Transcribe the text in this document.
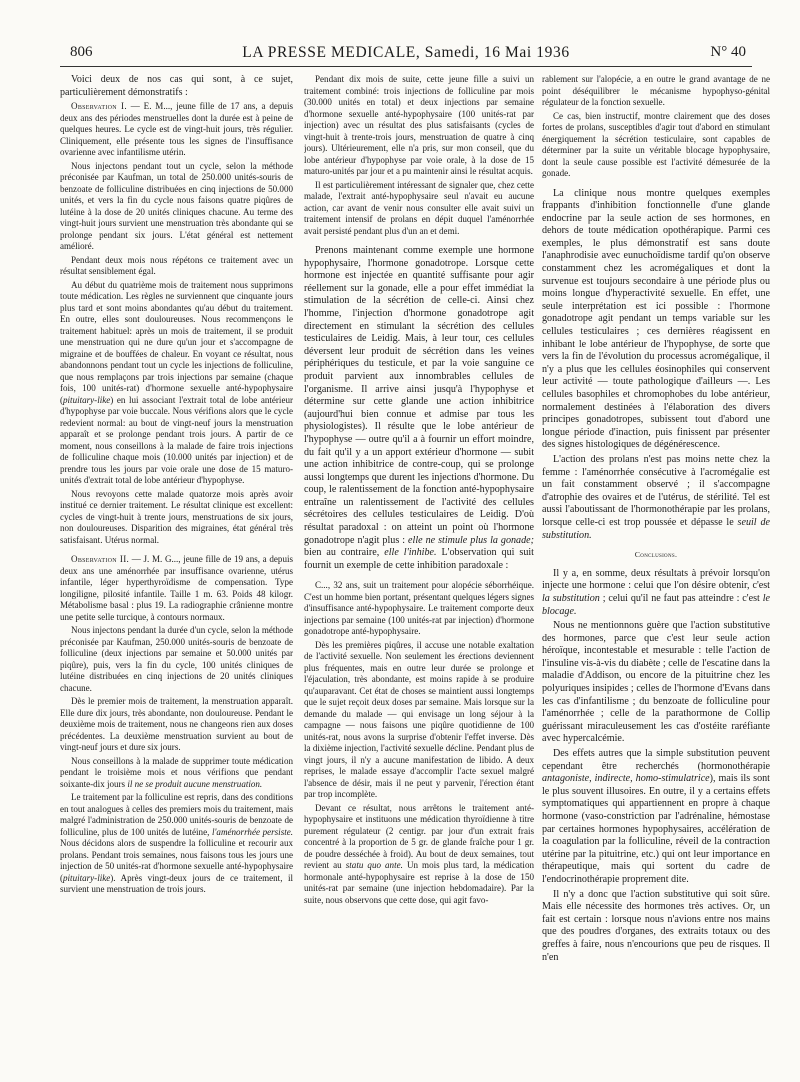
806	LA PRESSE MEDICALE, Samedi, 16 Mai 1936	N° 40

Voici deux de nos cas qui sont, à ce sujet, particulièrement démonstratifs :

Observation I. — E. M..., jeune fille de 17 ans, a depuis deux ans des périodes menstruelles dont la durée est à peine de quelques heures. Le cycle est de vingt-huit jours, très régulier. Cliniquement, elle présente tous les signes de l'insuffisance ovarienne avec infantilisme utérin.

Nous injectons pendant tout un cycle, selon la méthode préconisée par Kaufman, un total de 250.000 unités-souris de benzoate de folliculine distribuées en cinq injections de 50.000 unités, et vers la fin du cycle nous faisons quatre piqûres de lutéine à la dose de 20 unités cliniques chacune. Au terme des vingt-huit jours survient une menstruation très abondante qui se prolonge pendant six jours. L'état général est nettement amélioré.

Pendant deux mois nous répétons ce traitement avec un résultat sensiblement égal.

Au début du quatrième mois de traitement nous supprimons toute médication. Les règles ne surviennent que cinquante jours plus tard et sont moins abondantes qu'au début du traitement. En outre, elles sont douloureuses. Nous recommençons le traitement habituel: après un mois de traitement, il se produit une menstruation qui ne dure qu'un jour et s'accompagne de migraine et de bouffées de chaleur. En voyant ce résultat, nous abandonnons pendant tout un cycle les injections de folliculine, que nous remplaçons par trois injections par semaine (chaque fois, 100 unités-rat) d'hormone sexuelle anté-hypophysaire (pituitary-like) en lui associant l'extrait total de lobe antérieur d'hypophyse par voie buccale. Nous vérifions alors que le cycle redevient normal: au bout de vingt-neuf jours la menstruation apparaît et se prolonge pendant trois jours. A partir de ce moment, nous conseillons à la malade de faire trois injections de folliculine chaque mois (10.000 unités par injection) et de prendre tous les jours par voie orale une dose de 15 maturo-unités d'extrait total de lobe antérieur d'hypophyse.

Nous revoyons cette malade quatorze mois après avoir institué ce dernier traitement. Le résultat clinique est excellent: cycles de vingt-huit à trente jours, menstruations de six jours, non douloureuses. Disparition des migraines, état général très satisfaisant. Utérus normal.

Observation II. — J. M. G..., jeune fille de 19 ans, a depuis deux ans une aménorrhée par insuffisance ovarienne, utérus infantile, léger hyperthyroïdisme de compensation. Type longiligne, pilosité infantile. Taille 1 m. 63. Poids 48 kilogr. Métabolisme basal : plus 19. La radiographie crânienne montre une petite selle turcique, à contours normaux.

Nous injectons pendant la durée d'un cycle, selon la méthode préconisée par Kaufman, 250.000 unités-souris de benzoate de folliculine (deux injections par semaine et 50.000 unités par piqûre), puis, vers la fin du cycle, 100 unités cliniques de lutéine distribuées en cinq injections de 20 unités cliniques chacune.

Dès le premier mois de traitement, la menstruation apparaît. Elle dure dix jours, très abondante, non douloureuse. Pendant le deuxième mois de traitement, nous ne changeons rien aux doses précédentes. La deuxième menstruation survient au bout de vingt-neuf jours et dure six jours.

Nous conseillons à la malade de supprimer toute médication pendant le troisième mois et nous vérifions que pendant soixante-dix jours il ne se produit aucune menstruation.

Le traitement par la folliculine est repris, dans des conditions en tout analogues à celles des premiers mois du traitement, mais malgré l'administration de 250.000 unités-souris de benzoate de folliculine, plus de 100 unités de lutéine, l'aménorrhée persiste. Nous décidons alors de suspendre la folliculine et recourir aux prolans. Pendant trois semaines, nous faisons tous les jours une injection de 50 unités-rat d'hormone sexuelle anté-hypophysaire (pituitary-like). Après vingt-deux jours de ce traitement, il survient une menstruation de trois jours.

Pendant dix mois de suite, cette jeune fille a suivi un traitement combiné: trois injections de folliculine par mois (30.000 unités en total) et deux injections par semaine d'hormone sexuelle anté-hypophysaire (100 unités-rat par injection) avec un résultat des plus satisfaisants (cycles de vingt-huit à trente-trois jours, menstruation de quatre à cinq jours). Ultérieurement, elle n'a pris, sur mon conseil, que du lobe antérieur d'hypophyse par voie orale, à la dose de 15 maturo-unités par jour et a pu maintenir ainsi le résultat acquis.

Il est particulièrement intéressant de signaler que, chez cette malade, l'extrait anté-hypophysaire seul n'avait eu aucune action, car avant de venir nous consulter elle avait suivi un traitement intensif de prolans en dépit duquel l'aménorrhée avait persisté pendant plus d'un an et demi.

Prenons maintenant comme exemple une hormone hypophysaire, l'hormone gonadotrope. Lorsque cette hormone est injectée en quantité suffisante pour agir réellement sur la gonade, elle a pour effet immédiat la stimulation de la sécrétion de celle-ci. Ainsi chez l'homme, l'injection d'hormone gonadotrope agit directement en stimulant la sécrétion des cellules testiculaires de Leidig. Mais, à leur tour, ces cellules déversent leur produit de sécrétion dans les veines périphériques du testicule, et par la voie sanguine ce produit parvient aux innombrables cellules de l'organisme. Il arrive ainsi jusqu'à l'hypophyse et détermine sur cette glande une action inhibitrice (aujourd'hui bien connue et admise par tous les physiologistes). Il résulte que le lobe antérieur de l'hypophyse — outre qu'il a à fournir un effort moindre, du fait qu'il y a un apport extérieur d'hormone — subit une action inhibitrice de contre-coup, qui se prolonge aussi longtemps que durent les injections d'hormone. Du coup, le ralentissement de la fonction anté-hypophysaire entraîne un ralentissement de l'activité des cellules sécrétoires des cellules testiculaires de Leidig. D'où résultat paradoxal : on atteint un point où l'hormone gonadotrope n'agit plus : elle ne stimule plus la gonade; bien au contraire, elle l'inhibe. L'observation qui suit fournit un exemple de cette inhibition paradoxale :

C..., 32 ans, suit un traitement pour alopécie séborrhéique. C'est un homme bien portant, présentant quelques légers signes d'insuffisance anté-hypophysaire. Le traitement comporte deux injections par semaine (100 unités-rat par injection) d'hormone gonadotrope anté-hypophysaire.

Dès les premières piqûres, il accuse une notable exaltation de l'activité sexuelle. Non seulement les érections deviennent plus fréquentes, mais en outre leur durée se prolonge et l'éjaculation, très abondante, est moins rapide à se produire qu'auparavant. Cet état de choses se maintient aussi longtemps que le sujet reçoit deux doses par semaine. Mais lorsque sur la demande du malade — qui envisage un long séjour à la campagne — nous faisons une piqûre quotidienne de 100 unités-rat, nous avons la surprise d'obtenir l'effet inverse. Dès la dixième injection, l'activité sexuelle décline. Pendant plus de vingt jours, il n'y a aucune manifestation de libido. A deux reprises, le malade essaye d'accomplir l'acte sexuel malgré l'absence de désir, mais il ne peut y parvenir, l'érection étant par trop incomplète.

Devant ce résultat, nous arrêtons le traitement anté-hypophysaire et instituons une médication thyroïdienne à titre purement régulateur (2 centigr. par jour d'un extrait frais concentré à la proportion de 5 gr. de glande fraîche pour 1 gr. de poudre desséchée à froid). Au bout de deux semaines, tout revient au statu quo ante. Un mois plus tard, la médication hormonale anté-hypophysaire est reprise à la dose de 150 unités-rat par semaine (une injection hebdomadaire). Par la suite, nous observons que cette dose, qui agit favo-

rablement sur l'alopécie, a en outre le grand avantage de ne point déséquilibrer le mécanisme hypophyso-génital régulateur de la fonction sexuelle.

Ce cas, bien instructif, montre clairement que des doses fortes de prolans, susceptibles d'agir tout d'abord en stimulant énergiquement la sécrétion testiculaire, sont capables de déterminer par la suite un véritable blocage hypophysaire, dont la seule cause possible est l'activité démesurée de la gonade.

La clinique nous montre quelques exemples frappants d'inhibition fonctionnelle d'une glande endocrine par la seule action de ses hormones, en dehors de toute médication opothérapique. Parmi ces exemples, le plus démonstratif est sans doute l'anaphrodisie avec eunuchoïdisme tardif qu'on observe constamment chez les acromégaliques et dont la survenue est toujours secondaire à une période plus ou moins longue d'hyperactivité sexuelle. En effet, une seule interprétation est ici possible : l'hormone gonadotrope agit pendant un temps variable sur les cellules testiculaires ; ces dernières réagissent en inhibant le lobe antérieur de l'hypophyse, de sorte que vers la fin de l'évolution du processus acromégalique, il n'y a plus que les cellules éosinophiles qui conservent leur activité — toute pathologique d'ailleurs —. Les cellules basophiles et chromophobes du lobe antérieur, normalement destinées à l'élaboration des divers principes gonadotropes, subissent tout d'abord une longue période d'inaction, puis finissent par présenter des signes histologiques de dégénérescence.

L'action des prolans n'est pas moins nette chez la femme : l'aménorrhée consécutive à l'acromégalie est un fait constamment observé ; il s'accompagne d'atrophie des ovaires et de l'utérus, de stérilité. Tel est aussi l'aboutissant de l'hormonothérapie par les prolans, lorsque celle-ci est trop poussée et dépasse le seuil de substitution.

Conclusions.

Il y a, en somme, deux résultats à prévoir lorsqu'on injecte une hormone : celui que l'on désire obtenir, c'est la substitution ; celui qu'il ne faut pas atteindre : c'est le blocage.

Nous ne mentionnons guère que l'action substitutive des hormones, parce que c'est leur seule action héroïque, incontestable et mesurable : telle l'action de l'insuline vis-à-vis du diabète ; celle de l'escatine dans la maladie d'Addison, ou encore de la pituitrine chez les polyuriques insipides ; celles de l'hormone d'Evans dans les cas d'infantilisme ; du benzoate de folliculine pour l'aménorrhée ; celle de la parathormone de Collip guérissant miraculeusement les cas d'ostéite raréfiante avec hypercalcémie.

Des effets autres que la simple substitution peuvent cependant être recherchés (hormonothérapie antagoniste, indirecte, homo-stimulatrice), mais ils sont le plus souvent illusoires. En outre, il y a certains effets symptomatiques qui appartiennent en propre à chaque hormone (vaso-constriction par l'adrénaline, hémostase par certaines hormones hypophysaires, accélération de la coagulation par la folliculine, réveil de la contraction utérine par la pituitrine, etc.) qui ont leur importance en thérapeutique, mais qui sortent du cadre de l'endocrinothérapie proprement dite.

Il n'y a donc que l'action substitutive qui soit sûre. Mais elle nécessite des hormones très actives. Or, un fait est certain : lorsque nous n'avions entre nos mains que des poudres d'organes, des extraits totaux ou des greffes à faire, nous n'encourions que peu de risques. Il n'en
